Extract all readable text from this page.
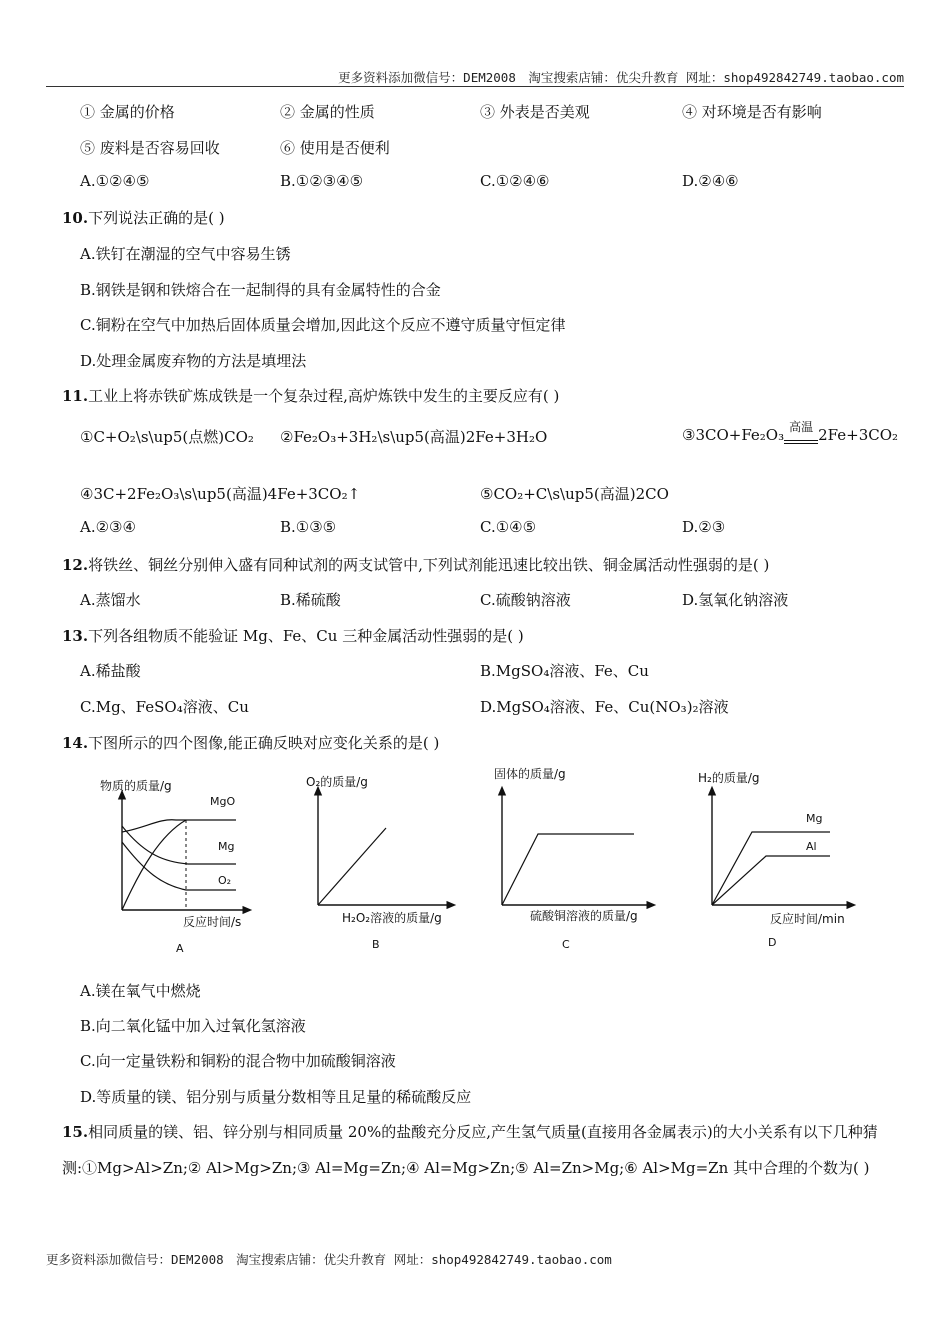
更多资料添加微信号：DEM2008　淘宝搜索店铺：优尖升教育 网址：shop492842749.taobao.com
① 金属的价格	② 金属的性质	③ 外表是否美观	④ 对环境是否有影响
⑤ 废料是否容易回收	⑥ 使用是否便利
A.①②④⑤	B.①②③④⑤	C.①②④⑥	D.②④⑥
10.下列说法正确的是( )
A.铁钉在潮湿的空气中容易生锈
B.钢铁是钢和铁熔合在一起制得的具有金属特性的合金
C.铜粉在空气中加热后固体质量会增加,因此这个反应不遵守质量守恒定律
D.处理金属废弃物的方法是填埋法
11.工业上将赤铁矿炼成铁是一个复杂过程,高炉炼铁中发生的主要反应有( )
①C+O₂\s\up5(点燃)CO₂ ②Fe₂O₃+3H₂\s\up5(高温)2Fe+3H₂O	③3CO+Fe₂O₃ 高温 2Fe+3CO₂
④3C+2Fe₂O₃\s\up5(高温)4Fe+3CO₂↑	⑤CO₂+C\s\up5(高温)2CO
A.②③④	B.①③⑤	C.①④⑤	D.②③
12.将铁丝、铜丝分别伸入盛有同种试剂的两支试管中,下列试剂能迅速比较出铁、铜金属活动性强弱的是( )
A.蒸馏水	B.稀硫酸	C.硫酸钠溶液	D.氢氧化钠溶液
13.下列各组物质不能验证 Mg、Fe、Cu 三种金属活动性强弱的是( )
A.稀盐酸	B.MgSO₄溶液、Fe、Cu
C.Mg、FeSO₄溶液、Cu	D.MgSO₄溶液、Fe、Cu(NO₃)₂溶液
14.下图所示的四个图像,能正确反映对应变化关系的是( )
物质的质量/g
反应时间/s
MgO
Mg
O₂
A
O₂的质量/g
H₂O₂溶液的质量/g
B
固体的质量/g
硫酸铜溶液的质量/g
C
H₂的质量/g
反应时间/min
Mg
Al
D
A.镁在氧气中燃烧
B.向二氧化锰中加入过氧化氢溶液
C.向一定量铁粉和铜粉的混合物中加硫酸铜溶液
D.等质量的镁、铝分别与质量分数相等且足量的稀硫酸反应
15.相同质量的镁、铝、锌分别与相同质量 20%的盐酸充分反应,产生氢气质量(直接用各金属表示)的大小关系有以下几种猜测:①Mg>Al>Zn;② Al>Mg>Zn;③ Al=Mg=Zn;④ Al=Mg>Zn;⑤ Al=Zn>Mg;⑥ Al>Mg=Zn 其中合理的个数为( )
更多资料添加微信号：DEM2008　淘宝搜索店铺：优尖升教育 网址：shop492842749.taobao.com
